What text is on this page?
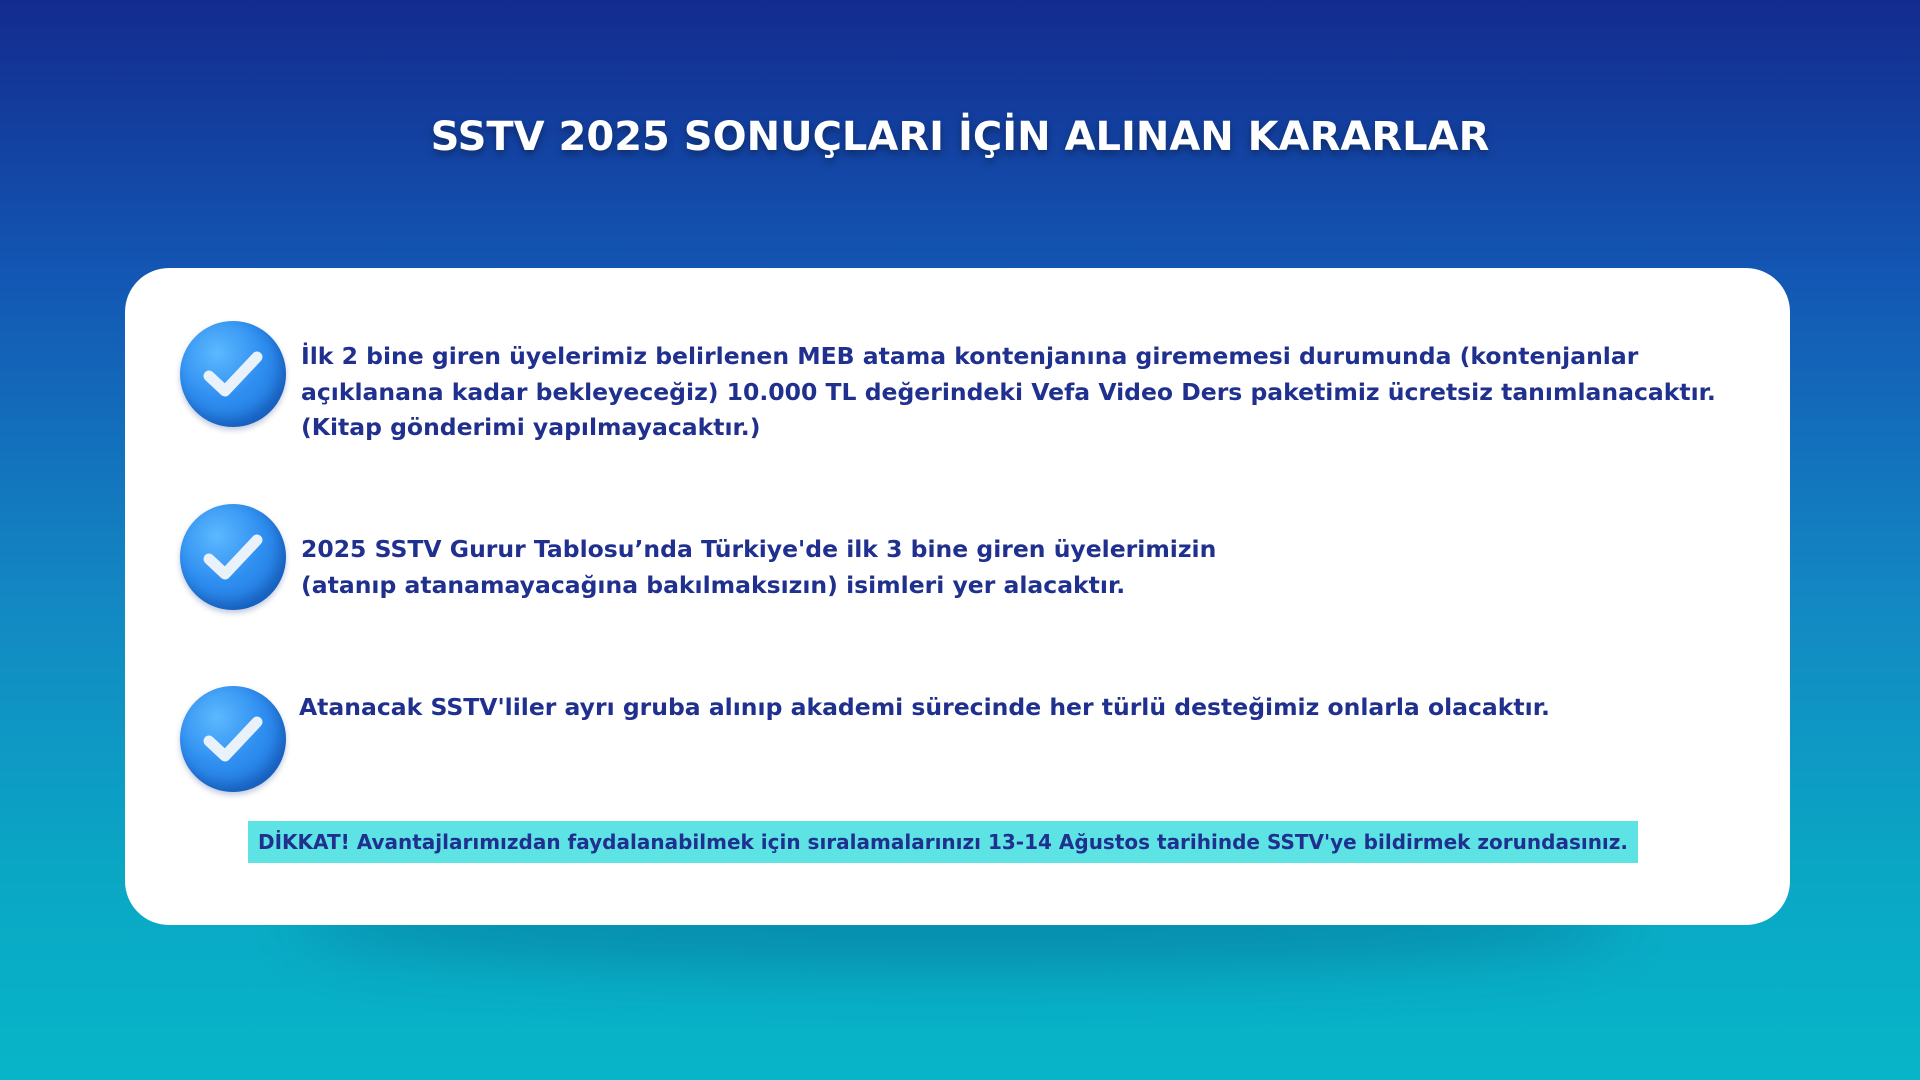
SSTV 2025 SONUÇLARI İÇİN ALINAN KARARLAR
İlk 2 bine giren üyelerimiz belirlenen MEB atama kontenjanına girememesi durumunda (kontenjanlar
açıklanana kadar bekleyeceğiz) 10.000 TL değerindeki Vefa Video Ders paketimiz ücretsiz tanımlanacaktır.
(Kitap gönderimi yapılmayacaktır.)
2025 SSTV Gurur Tablosu’nda Türkiye'de ilk 3 bine giren üyelerimizin
(atanıp atanamayacağına bakılmaksızın) isimleri yer alacaktır.
Atanacak SSTV'liler ayrı gruba alınıp akademi sürecinde her türlü desteğimiz onlarla olacaktır.
DİKKAT! Avantajlarımızdan faydalanabilmek için sıralamalarınızı 13-14 Ağustos tarihinde SSTV'ye bildirmek zorundasınız.
